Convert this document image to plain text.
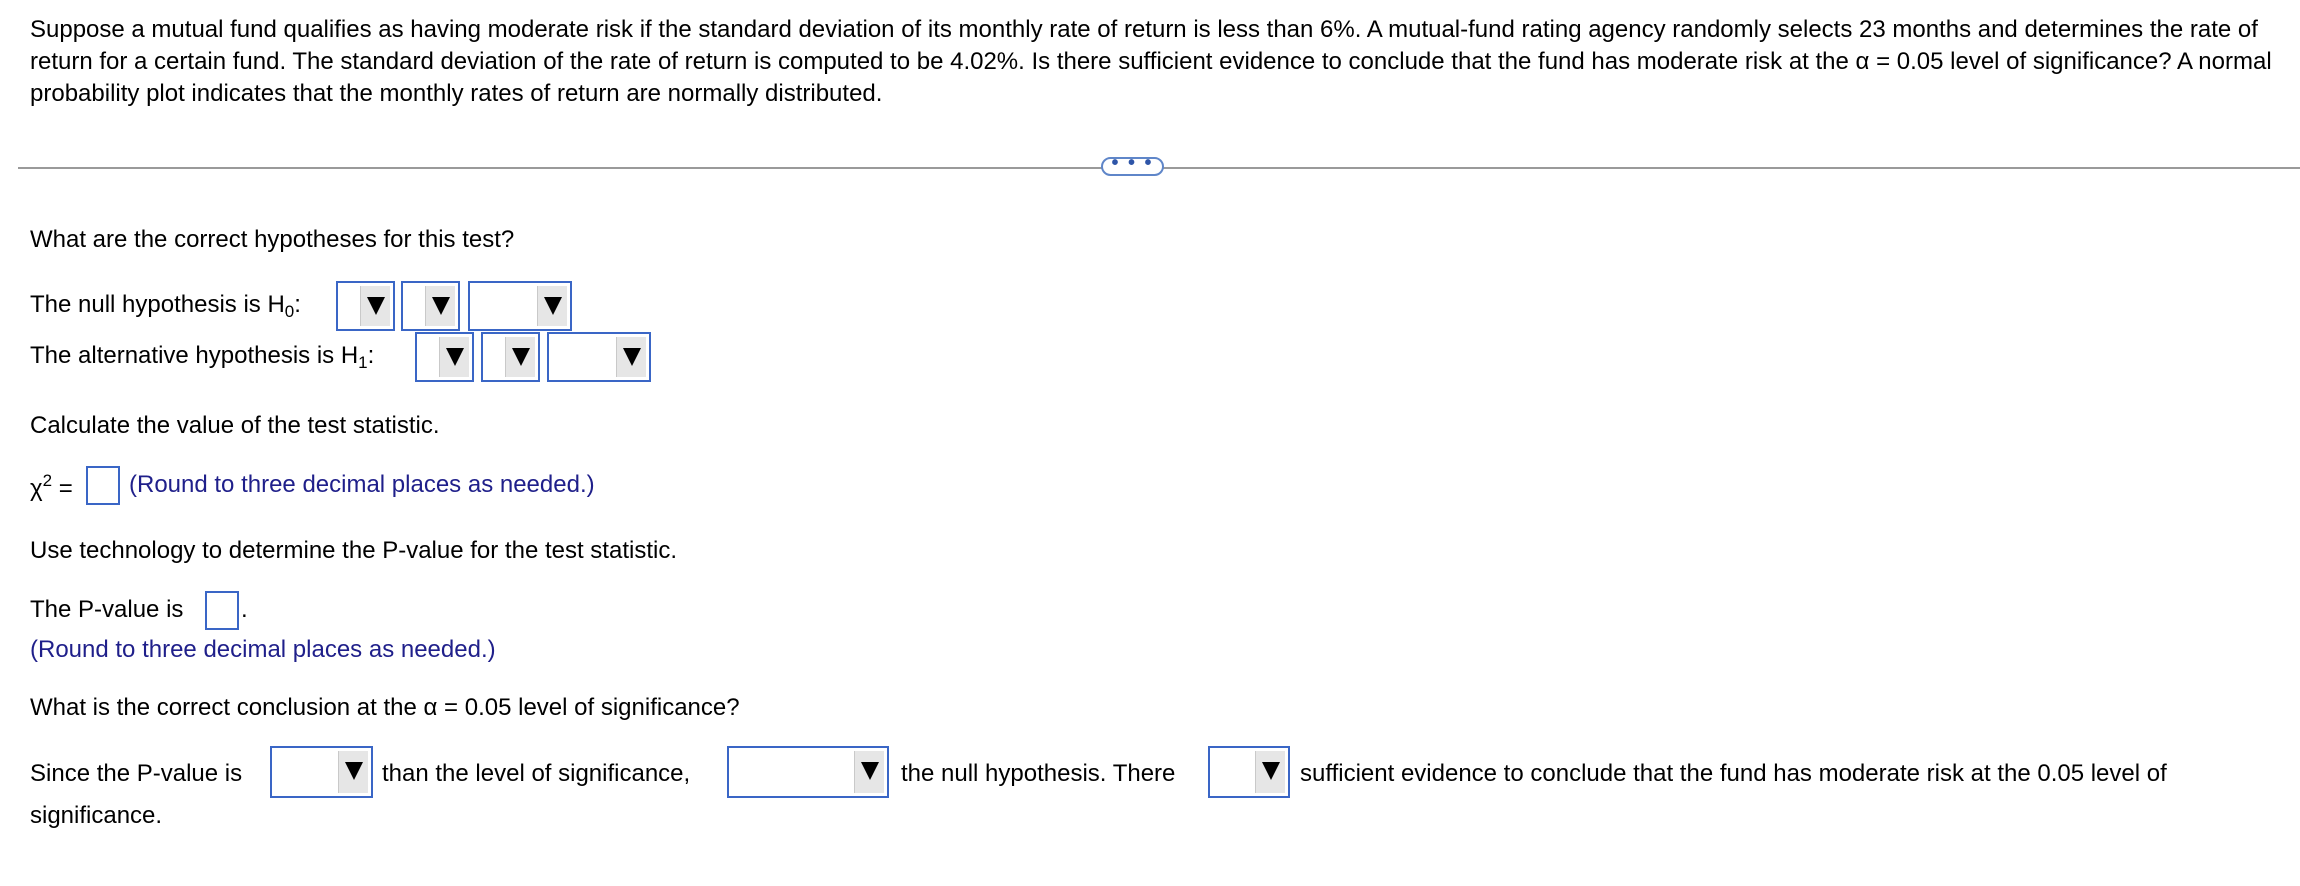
Suppose a mutual fund qualifies as having moderate risk if the standard deviation of its monthly rate of return is less than 6%. A mutual-fund rating agency randomly selects 23 months and determines the rate of return for a certain fund. The standard deviation of the rate of return is computed to be 4.02%. Is there sufficient evidence to conclude that the fund has moderate risk at the α = 0.05 level of significance? A normal probability plot indicates that the monthly rates of return are normally distributed.
• • •
What are the correct hypotheses for this test?
The null hypothesis is $H_0$:
The alternative hypothesis is $H_1$:
Calculate the value of the test statistic.
$\chi^2$ = (Round to three decimal places as needed.)
Use technology to determine the P-value for the test statistic.
The P-value is .
(Round to three decimal places as needed.)
What is the correct conclusion at the α = 0.05 level of significance?
Since the P-value is	than the level of significance,	the null hypothesis. There	sufficient evidence to conclude that the fund has moderate risk at the 0.05 level of
significance.
